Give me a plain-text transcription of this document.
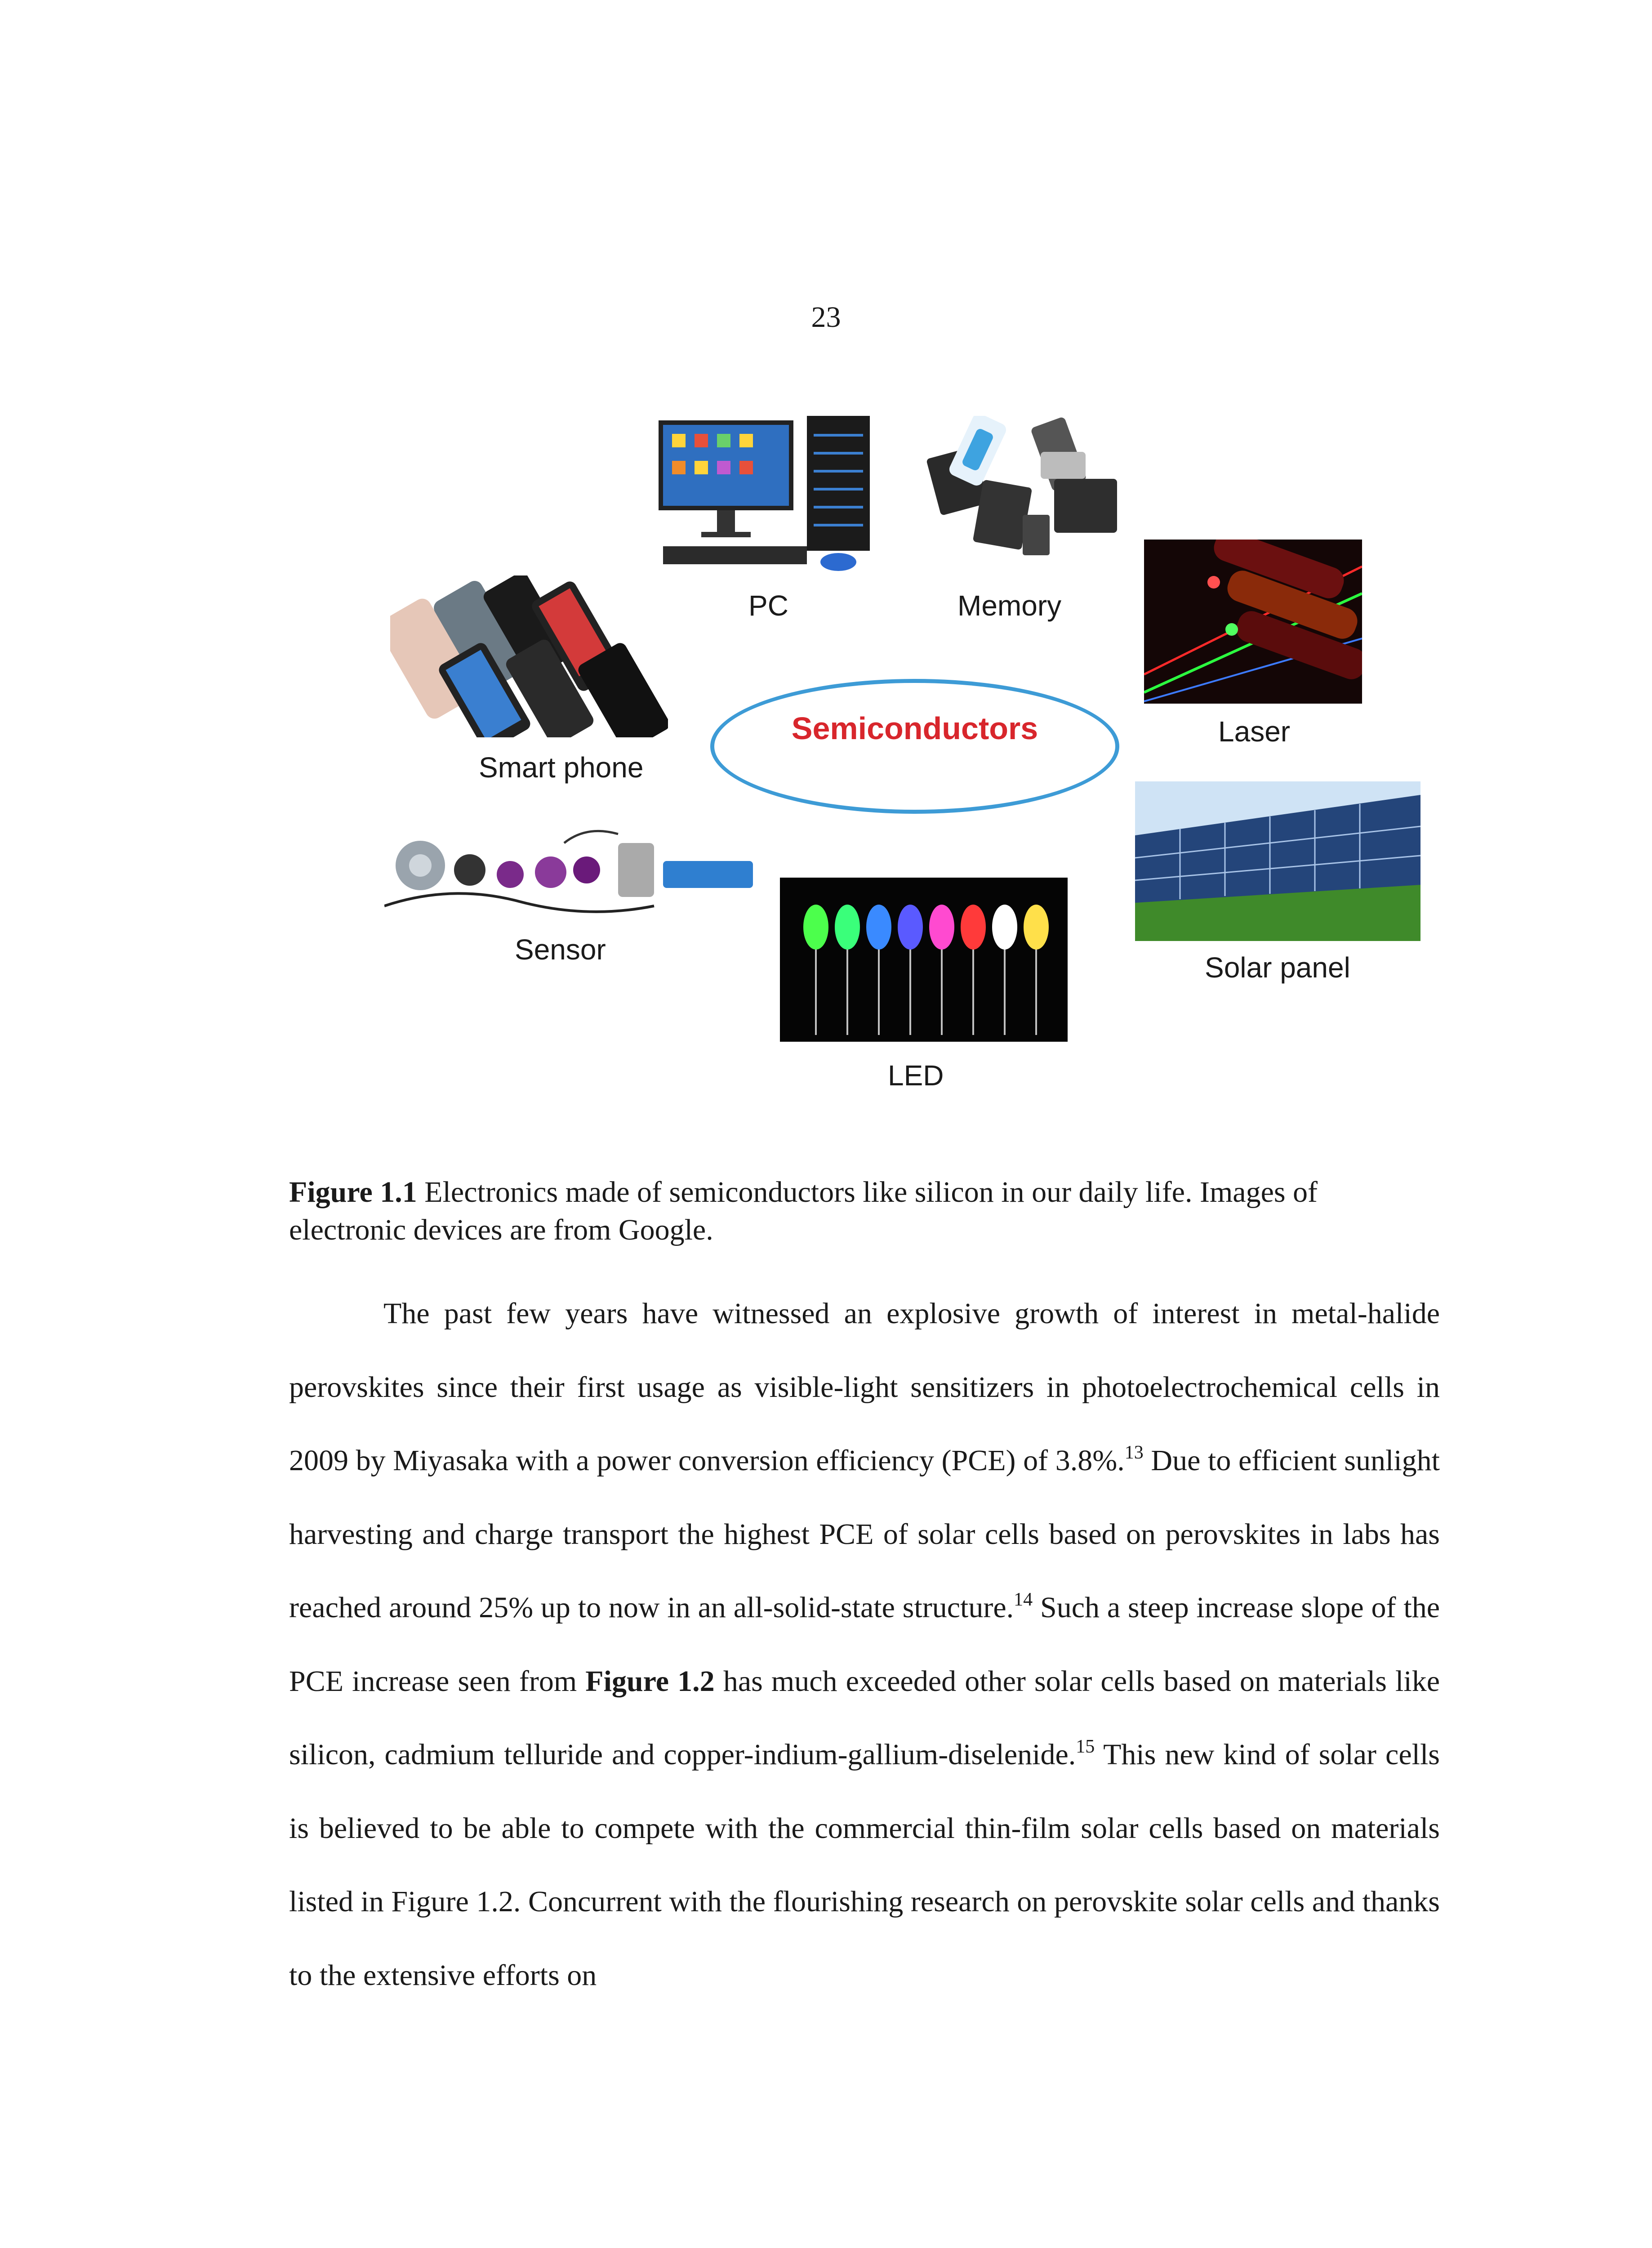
23
PC	Memory
Laser
Smart phone
Semiconductors
Sensor
LED
Solar panel
Figure 1.1 Electronics made of semiconductors like silicon in our daily life. Images of electronic devices are from Google.

The past few years have witnessed an explosive growth of interest in metal-halide perovskites since their first usage as visible-light sensitizers in photoelectrochemical cells in 2009 by Miyasaka with a power conversion efficiency (PCE) of 3.8%.$^{13}$ Due to efficient sunlight harvesting and charge transport the highest PCE of solar cells based on perovskites in labs has reached around 25% up to now in an all-solid-state structure.$^{14}$ Such a steep increase slope of the PCE increase seen from Figure 1.2 has much exceeded other solar cells based on materials like silicon, cadmium telluride and copper-indium-gallium-diselenide.$^{15}$ This new kind of solar cells is believed to be able to compete with the commercial thin-film solar cells based on materials listed in Figure 1.2. Concurrent with the flourishing research on perovskite solar cells and thanks to the extensive efforts on
